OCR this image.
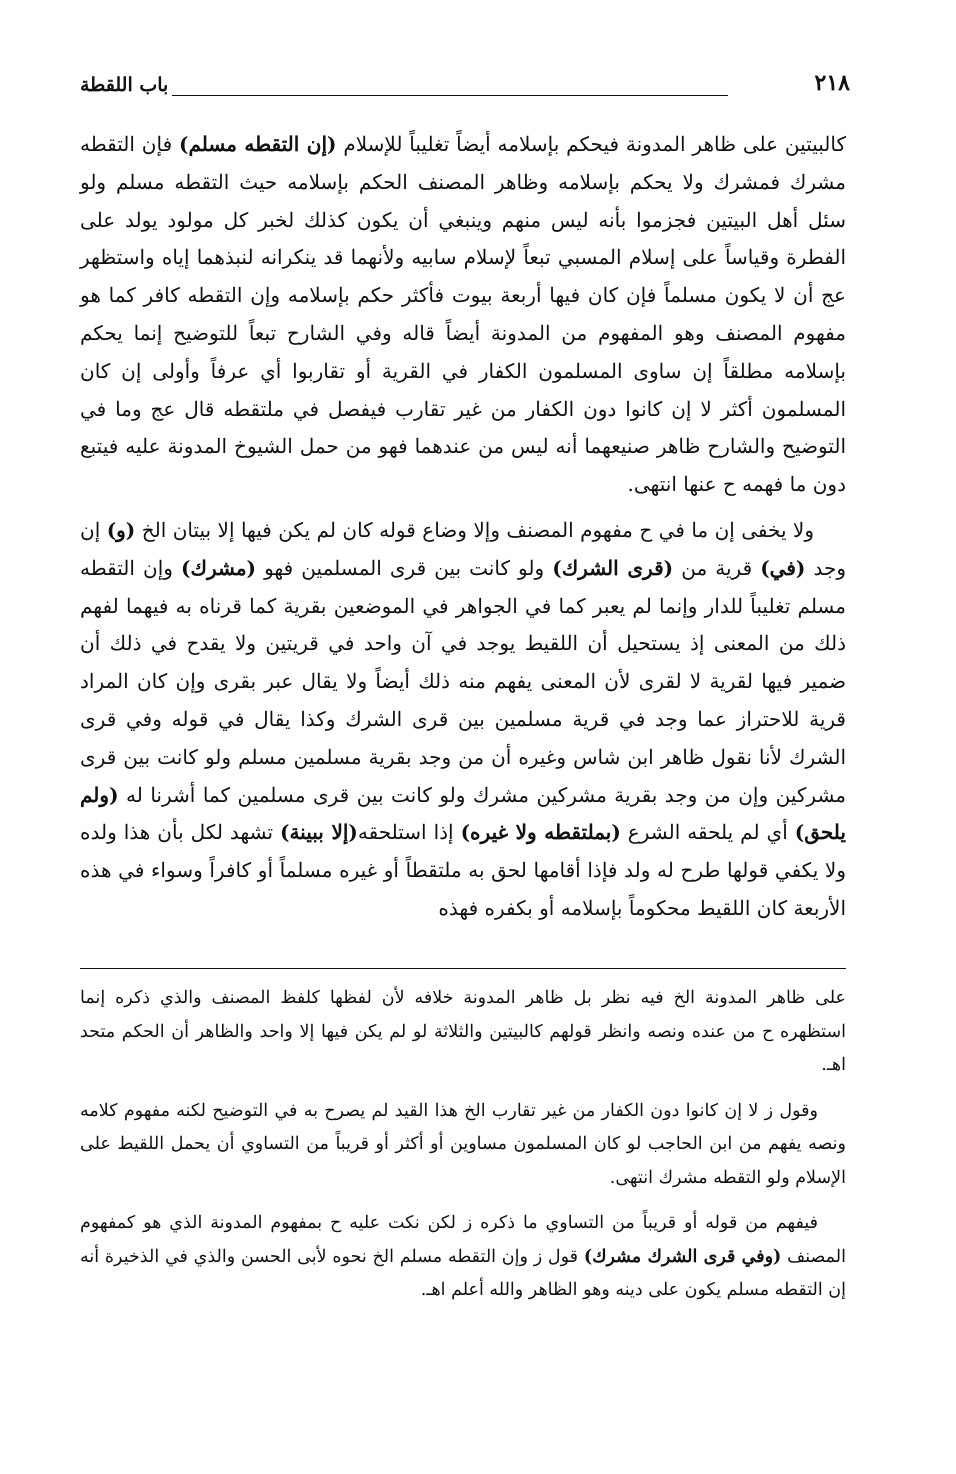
باب اللقطة	٢١٨

كالبيتين على ظاهر المدونة فيحكم بإسلامه أيضاً تغليباً للإسلام (إن التقطه مسلم) فإن التقطه مشرك فمشرك ولا يحكم بإسلامه وظاهر المصنف الحكم بإسلامه حيث التقطه مسلم ولو سئل أهل البيتين فجزموا بأنه ليس منهم وينبغي أن يكون كذلك لخبر كل مولود يولد على الفطرة وقياساً على إسلام المسبي تبعاً لإسلام سابيه ولأنهما قد ينكرانه لنبذهما إياه واستظهر عج أن لا يكون مسلماً فإن كان فيها أربعة بيوت فأكثر حكم بإسلامه وإن التقطه كافر كما هو مفهوم المصنف وهو المفهوم من المدونة أيضاً قاله وفي الشارح تبعاً للتوضيح إنما يحكم بإسلامه مطلقاً إن ساوى المسلمون الكفار في القرية أو تقاربوا أي عرفاً وأولى إن كان المسلمون أكثر لا إن كانوا دون الكفار من غير تقارب فيفصل في ملتقطه قال عج وما في التوضيح والشارح ظاهر صنيعهما أنه ليس من عندهما فهو من حمل الشيوخ المدونة عليه فيتبع دون ما فهمه ح عنها انتهى.

ولا يخفى إن ما في ح مفهوم المصنف وإلا وضاع قوله كان لم يكن فيها إلا بيتان الخ (و) إن وجد (في) قرية من (قرى الشرك) ولو كانت بين قرى المسلمين فهو (مشرك) وإن التقطه مسلم تغليباً للدار وإنما لم يعبر كما في الجواهر في الموضعين بقرية كما قرناه به فيهما لفهم ذلك من المعنى إذ يستحيل أن اللقيط يوجد في آن واحد في قريتين ولا يقدح في ذلك أن ضمير فيها لقرية لا لقرى لأن المعنى يفهم منه ذلك أيضاً ولا يقال عبر بقرى وإن كان المراد قرية للاحتراز عما وجد في قرية مسلمين بين قرى الشرك وكذا يقال في قوله وفي قرى الشرك لأنا نقول ظاهر ابن شاس وغيره أن من وجد بقرية مسلمين مسلم ولو كانت بين قرى مشركين وإن من وجد بقرية مشركين مشرك ولو كانت بين قرى مسلمين كما أشرنا له (ولم يلحق) أي لم يلحقه الشرع (بملتقطه ولا غيره) إذا استلحقه(إلا ببينة) تشهد لكل بأن هذا ولده ولا يكفي قولها طرح له ولد فإذا أقامها لحق به ملتقطاً أو غيره مسلماً أو كافراً وسواء في هذه الأربعة كان اللقيط محكوماً بإسلامه أو بكفره فهذه

على ظاهر المدونة الخ فيه نظر بل ظاهر المدونة خلافه لأن لفظها كلفظ المصنف والذي ذكره إنما استظهره ح من عنده ونصه وانظر قولهم كالبيتين والثلاثة لو لم يكن فيها إلا واحد والظاهر أن الحكم متحد اهـ.

وقول ز لا إن كانوا دون الكفار من غير تقارب الخ هذا القيد لم يصرح به في التوضيح لكنه مفهوم كلامه ونصه يفهم من ابن الحاجب لو كان المسلمون مساوين أو أكثر أو قريباً من التساوي أن يحمل اللقيط على الإسلام ولو التقطه مشرك انتهى.

فيفهم من قوله أو قريباً من التساوي ما ذكره ز لكن نكت عليه ح بمفهوم المدونة الذي هو كمفهوم المصنف (وفي قرى الشرك مشرك) قول ز وإن التقطه مسلم الخ نحوه لأبى الحسن والذي في الذخيرة أنه إن التقطه مسلم يكون على دينه وهو الظاهر والله أعلم اهـ.
